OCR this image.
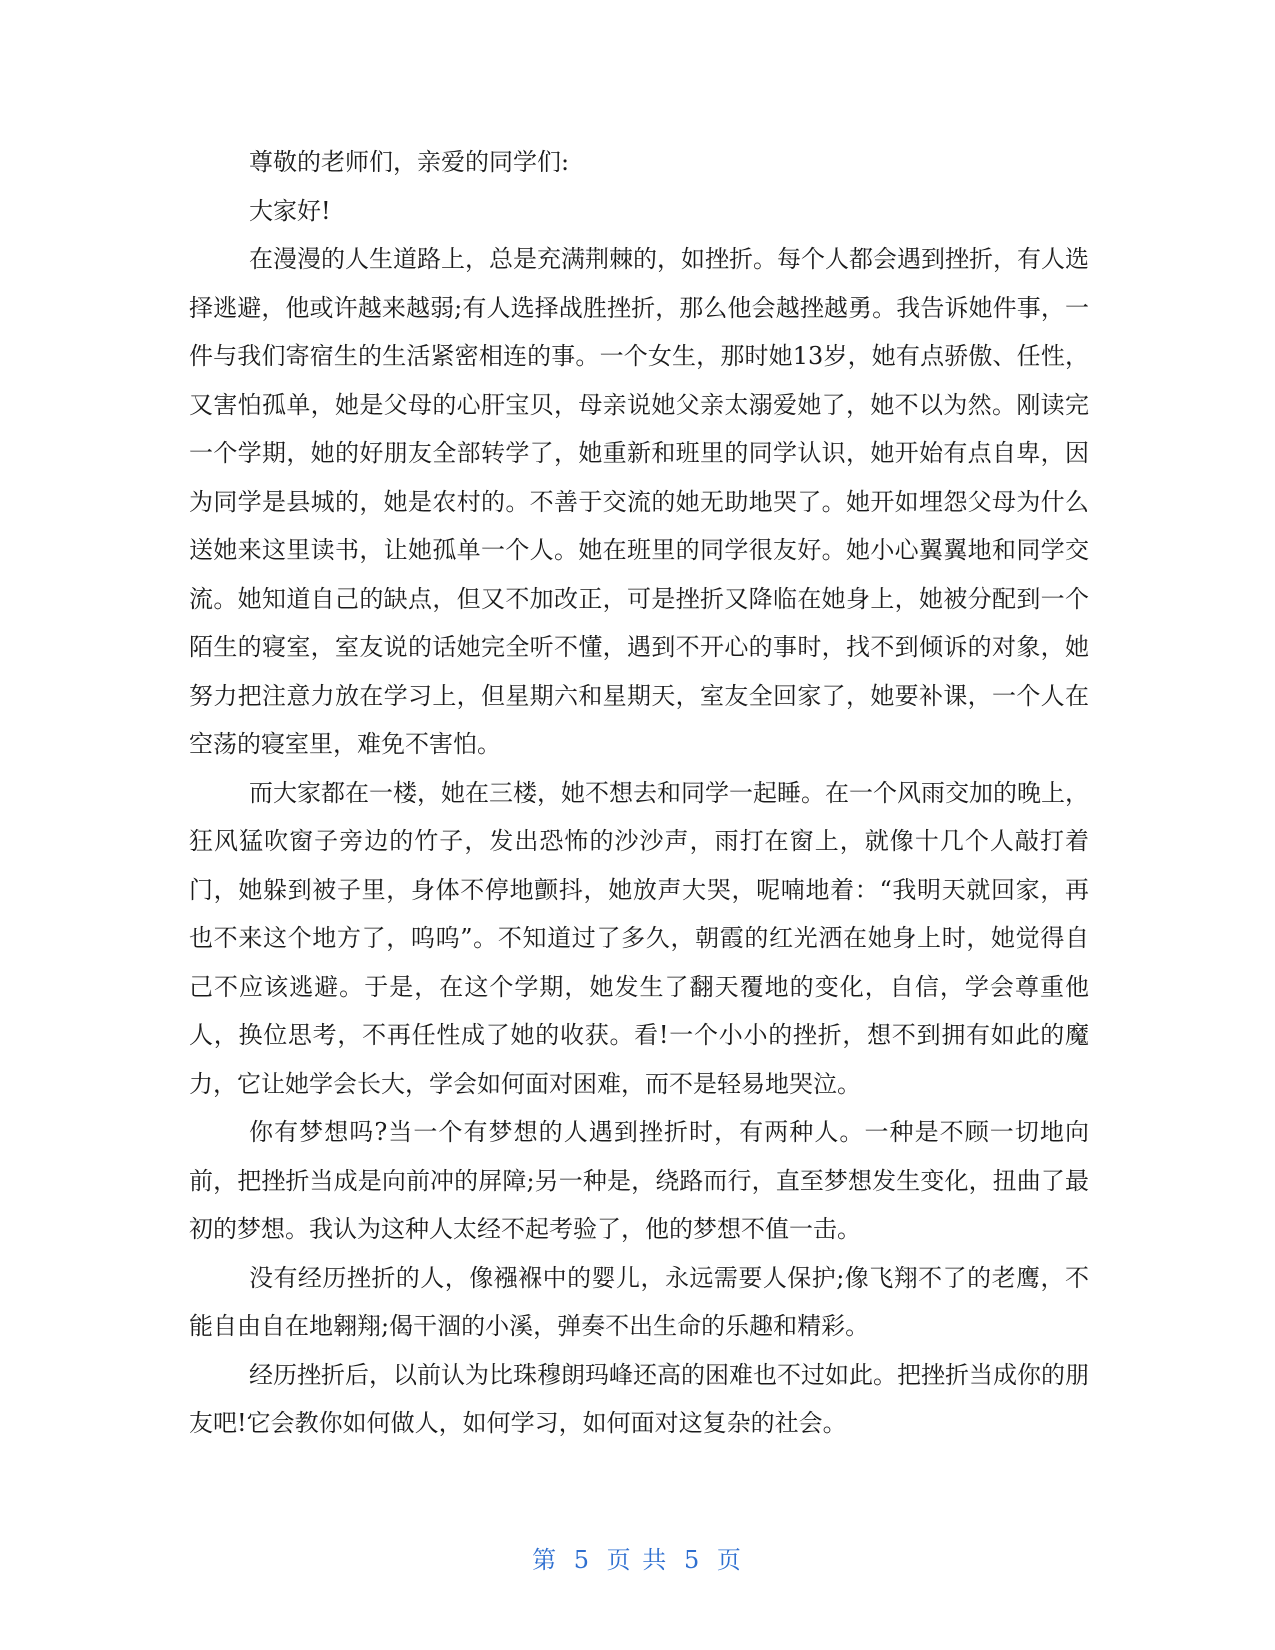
尊敬的老师们，亲爱的同学们:

大家好!

在漫漫的人生道路上，总是充满荆棘的，如挫折。每个人都会遇到挫折，有人选择逃避，他或许越来越弱;有人选择战胜挫折，那么他会越挫越勇。我告诉她件事，一件与我们寄宿生的生活紧密相连的事。一个女生，那时她13岁，她有点骄傲、任性，又害怕孤单，她是父母的心肝宝贝，母亲说她父亲太溺爱她了，她不以为然。刚读完一个学期，她的好朋友全部转学了，她重新和班里的同学认识，她开始有点自卑，因为同学是县城的，她是农村的。不善于交流的她无助地哭了。她开如埋怨父母为什么送她来这里读书，让她孤单一个人。她在班里的同学很友好。她小心翼翼地和同学交流。她知道自己的缺点，但又不加改正，可是挫折又降临在她身上，她被分配到一个陌生的寝室，室友说的话她完全听不懂，遇到不开心的事时，找不到倾诉的对象，她努力把注意力放在学习上，但星期六和星期天，室友全回家了，她要补课，一个人在空荡的寝室里，难免不害怕。

而大家都在一楼，她在三楼，她不想去和同学一起睡。在一个风雨交加的晚上，狂风猛吹窗子旁边的竹子，发出恐怖的沙沙声，雨打在窗上，就像十几个人敲打着门，她躲到被子里，身体不停地颤抖，她放声大哭，呢喃地着：“我明天就回家，再也不来这个地方了，呜呜”。不知道过了多久，朝霞的红光洒在她身上时，她觉得自己不应该逃避。于是，在这个学期，她发生了翻天覆地的变化，自信，学会尊重他人，换位思考，不再任性成了她的收获。看!一个小小的挫折，想不到拥有如此的魔力，它让她学会长大，学会如何面对困难，而不是轻易地哭泣。

你有梦想吗?当一个有梦想的人遇到挫折时，有两种人。一种是不顾一切地向前，把挫折当成是向前冲的屏障;另一种是，绕路而行，直至梦想发生变化，扭曲了最初的梦想。我认为这种人太经不起考验了，他的梦想不值一击。

没有经历挫折的人，像襁褓中的婴儿，永远需要人保护;像飞翔不了的老鹰，不能自由自在地翱翔;偈干涸的小溪，弹奏不出生命的乐趣和精彩。

经历挫折后，以前认为比珠穆朗玛峰还高的困难也不过如此。把挫折当成你的朋友吧!它会教你如何做人，如何学习，如何面对这复杂的社会。

第 5 页 共 5 页
